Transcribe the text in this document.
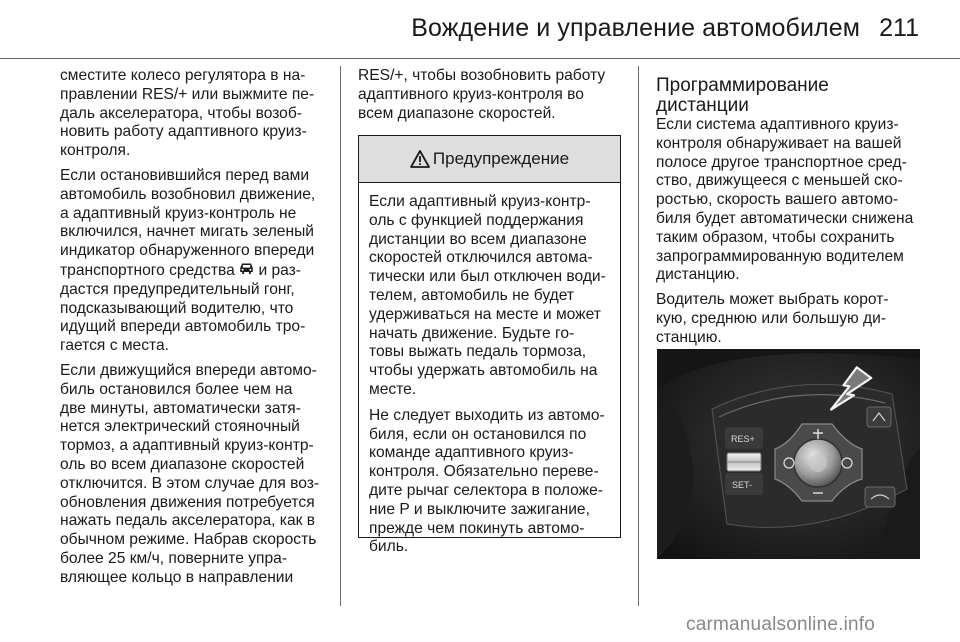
Вождение и управление автомобилем 211

сместите колесо регулятора в на-
правлении RES/+ или выжмите пе-
даль акселератора, чтобы возоб-
новить работу адаптивного круиз-
контроля.

Если остановившийся перед вами
автомобиль возобновил движение,
а адаптивный круиз-контроль не
включился, начнет мигать зеленый
индикатор обнаруженного впереди
транспортного средства и раз-
дастся предупредительный гонг,
подсказывающий водителю, что
идущий впереди автомобиль тро-
гается с места.

Если движущийся впереди автомо-
биль остановился более чем на
две минуты, автоматически затя-
нется электрический стояночный
тормоз, а адаптивный круиз-контр-
оль во всем диапазоне скоростей
отключится. В этом случае для воз-
обновления движения потребуется
нажать педаль акселератора, как в
обычном режиме. Набрав скорость
более 25 км/ч, поверните упра-
вляющее кольцо в направлении

RES/+, чтобы возобновить работу
адаптивного круиз-контроля во
всем диапазоне скоростей.

Предупреждение

Если адаптивный круиз-контр-
оль с функцией поддержания
дистанции во всем диапазоне
скоростей отключился автома-
тически или был отключен води-
телем, автомобиль не будет
удерживаться на месте и может
начать движение. Будьте го-
товы выжать педаль тормоза,
чтобы удержать автомобиль на
месте.

Не следует выходить из автомо-
биля, если он остановился по
команде адаптивного круиз-
контроля. Обязательно переве-
дите рычаг селектора в положе-
ние P и выключите зажигание,
прежде чем покинуть автомо-
биль.

Программирование
дистанции

Если система адаптивного круиз-
контроля обнаруживает на вашей
полосе другое транспортное сред-
ство, движущееся с меньшей ско-
ростью, скорость вашего автомо-
биля будет автоматически снижена
таким образом, чтобы сохранить
запрограммированную водителем
дистанцию.

Водитель может выбрать корот-
кую, среднюю или большую ди-
станцию.

RES+
SET-
carmanualsonline.info
